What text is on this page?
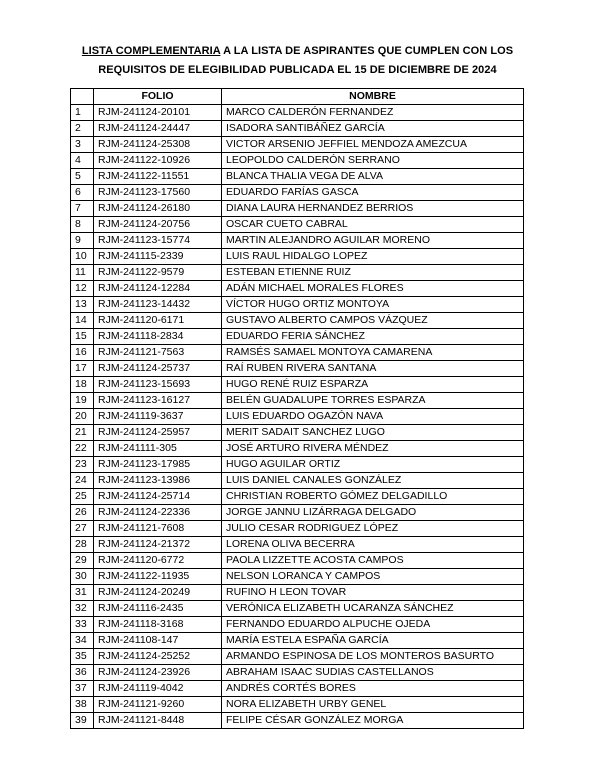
LISTA COMPLEMENTARIA A LA LISTA DE ASPIRANTES QUE CUMPLEN CON LOS
REQUISITOS DE ELEGIBILIDAD PUBLICADA EL 15 DE DICIEMBRE DE 2024
	FOLIO	NOMBRE
1	RJM-241124-20101	MARCO CALDERÓN FERNANDEZ
2	RJM-241124-24447	ISADORA SANTIBÁÑEZ GARCÍA
3	RJM-241124-25308	VICTOR ARSENIO JEFFIEL MENDOZA AMEZCUA
4	RJM-241122-10926	LEOPOLDO CALDERÓN SERRANO
5	RJM-241122-11551	BLANCA THALIA VEGA DE ALVA
6	RJM-241123-17560	EDUARDO FARÍAS GASCA
7	RJM-241124-26180	DIANA LAURA HERNANDEZ BERRIOS
8	RJM-241124-20756	OSCAR CUETO CABRAL
9	RJM-241123-15774	MARTIN ALEJANDRO AGUILAR MORENO
10	RJM-241115-2339	LUIS RAUL HIDALGO LOPEZ
11	RJM-241122-9579	ESTEBAN ETIENNE RUIZ
12	RJM-241124-12284	ADÁN MICHAEL MORALES FLORES
13	RJM-241123-14432	VÍCTOR HUGO ORTIZ MONTOYA
14	RJM-241120-6171	GUSTAVO ALBERTO CAMPOS VÁZQUEZ
15	RJM-241118-2834	EDUARDO FERIA SÁNCHEZ
16	RJM-241121-7563	RAMSÉS SAMAEL MONTOYA CAMARENA
17	RJM-241124-25737	RAÍ RUBEN RIVERA SANTANA
18	RJM-241123-15693	HUGO RENÉ RUIZ ESPARZA
19	RJM-241123-16127	BELÉN GUADALUPE TORRES ESPARZA
20	RJM-241119-3637	LUIS EDUARDO OGAZÓN NAVA
21	RJM-241124-25957	MERIT SADAIT SANCHEZ LUGO
22	RJM-241111-305	JOSÉ ARTURO RIVERA MÉNDEZ
23	RJM-241123-17985	HUGO AGUILAR ORTIZ
24	RJM-241123-13986	LUIS DANIEL CANALES GONZÁLEZ
25	RJM-241124-25714	CHRISTIAN ROBERTO GÓMEZ DELGADILLO
26	RJM-241124-22336	JORGE JANNU LIZÁRRAGA DELGADO
27	RJM-241121-7608	JULIO CESAR RODRIGUEZ LÓPEZ
28	RJM-241124-21372	LORENA OLIVA BECERRA
29	RJM-241120-6772	PAOLA LIZZETTE ACOSTA CAMPOS
30	RJM-241122-11935	NELSON LORANCA Y CAMPOS
31	RJM-241124-20249	RUFINO H LEON TOVAR
32	RJM-241116-2435	VERÓNICA ELIZABETH UCARANZA SÁNCHEZ
33	RJM-241118-3168	FERNANDO EDUARDO ALPUCHE OJEDA
34	RJM-241108-147	MARÍA ESTELA ESPAÑA GARCÍA
35	RJM-241124-25252	ARMANDO ESPINOSA DE LOS MONTEROS BASURTO
36	RJM-241124-23926	ABRAHAM ISAAC SUDIAS CASTELLANOS
37	RJM-241119-4042	ANDRÉS CORTÉS BORES
38	RJM-241121-9260	NORA ELIZABETH URBY GENEL
39	RJM-241121-8448	FELIPE CÉSAR GONZÁLEZ MORGA
